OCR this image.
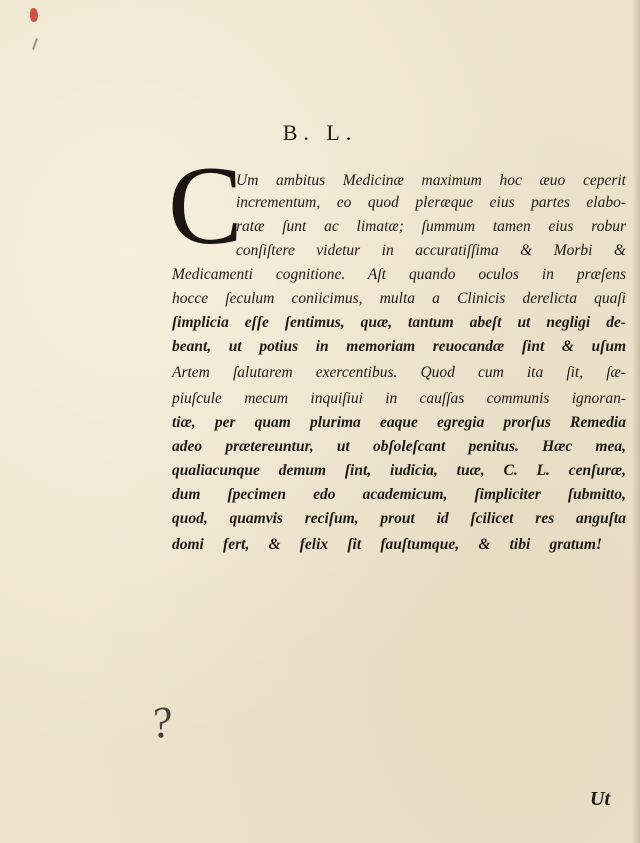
B. L.
C
Um ambitus Medicinæ maximum hoc æuo ceperit
incrementum, eo quod pleræque eius partes elabo-
ratæ ſunt ac limatæ; ſummum tamen eius robur
conſiſtere videtur in accuratiſſima & Morbi &
Medicamenti cognitione. Aſt quando oculos in præſens
hocce ſeculum coniicimus, multa a Clinicis derelicta quaſi
ſimplicia eſſe ſentimus, quæ, tantum abeſt ut negligi de-
beant, ut potius in memoriam reuocandæ ſint & uſum
Artem ſalutarem exercentibus. Quod cum ita ſit, ſæ-
piuſcule mecum inquiſiui in cauſſas communis ignoran-
tiæ, per quam plurima eaque egregia prorſus Remedia
adeo prætereuntur, ut obſoleſcant penitus. Hæc mea,
qualiacunque demum ſint, iudicia, tuæ, C. L. cenſuræ,
dum ſpecimen edo academicum, ſimpliciter ſubmitto,
quod, quamvis reciſum, prout id ſcilicet res anguſta
domi fert, & felix ſit fauſtumque, & tibi gratum!
?
Ut
